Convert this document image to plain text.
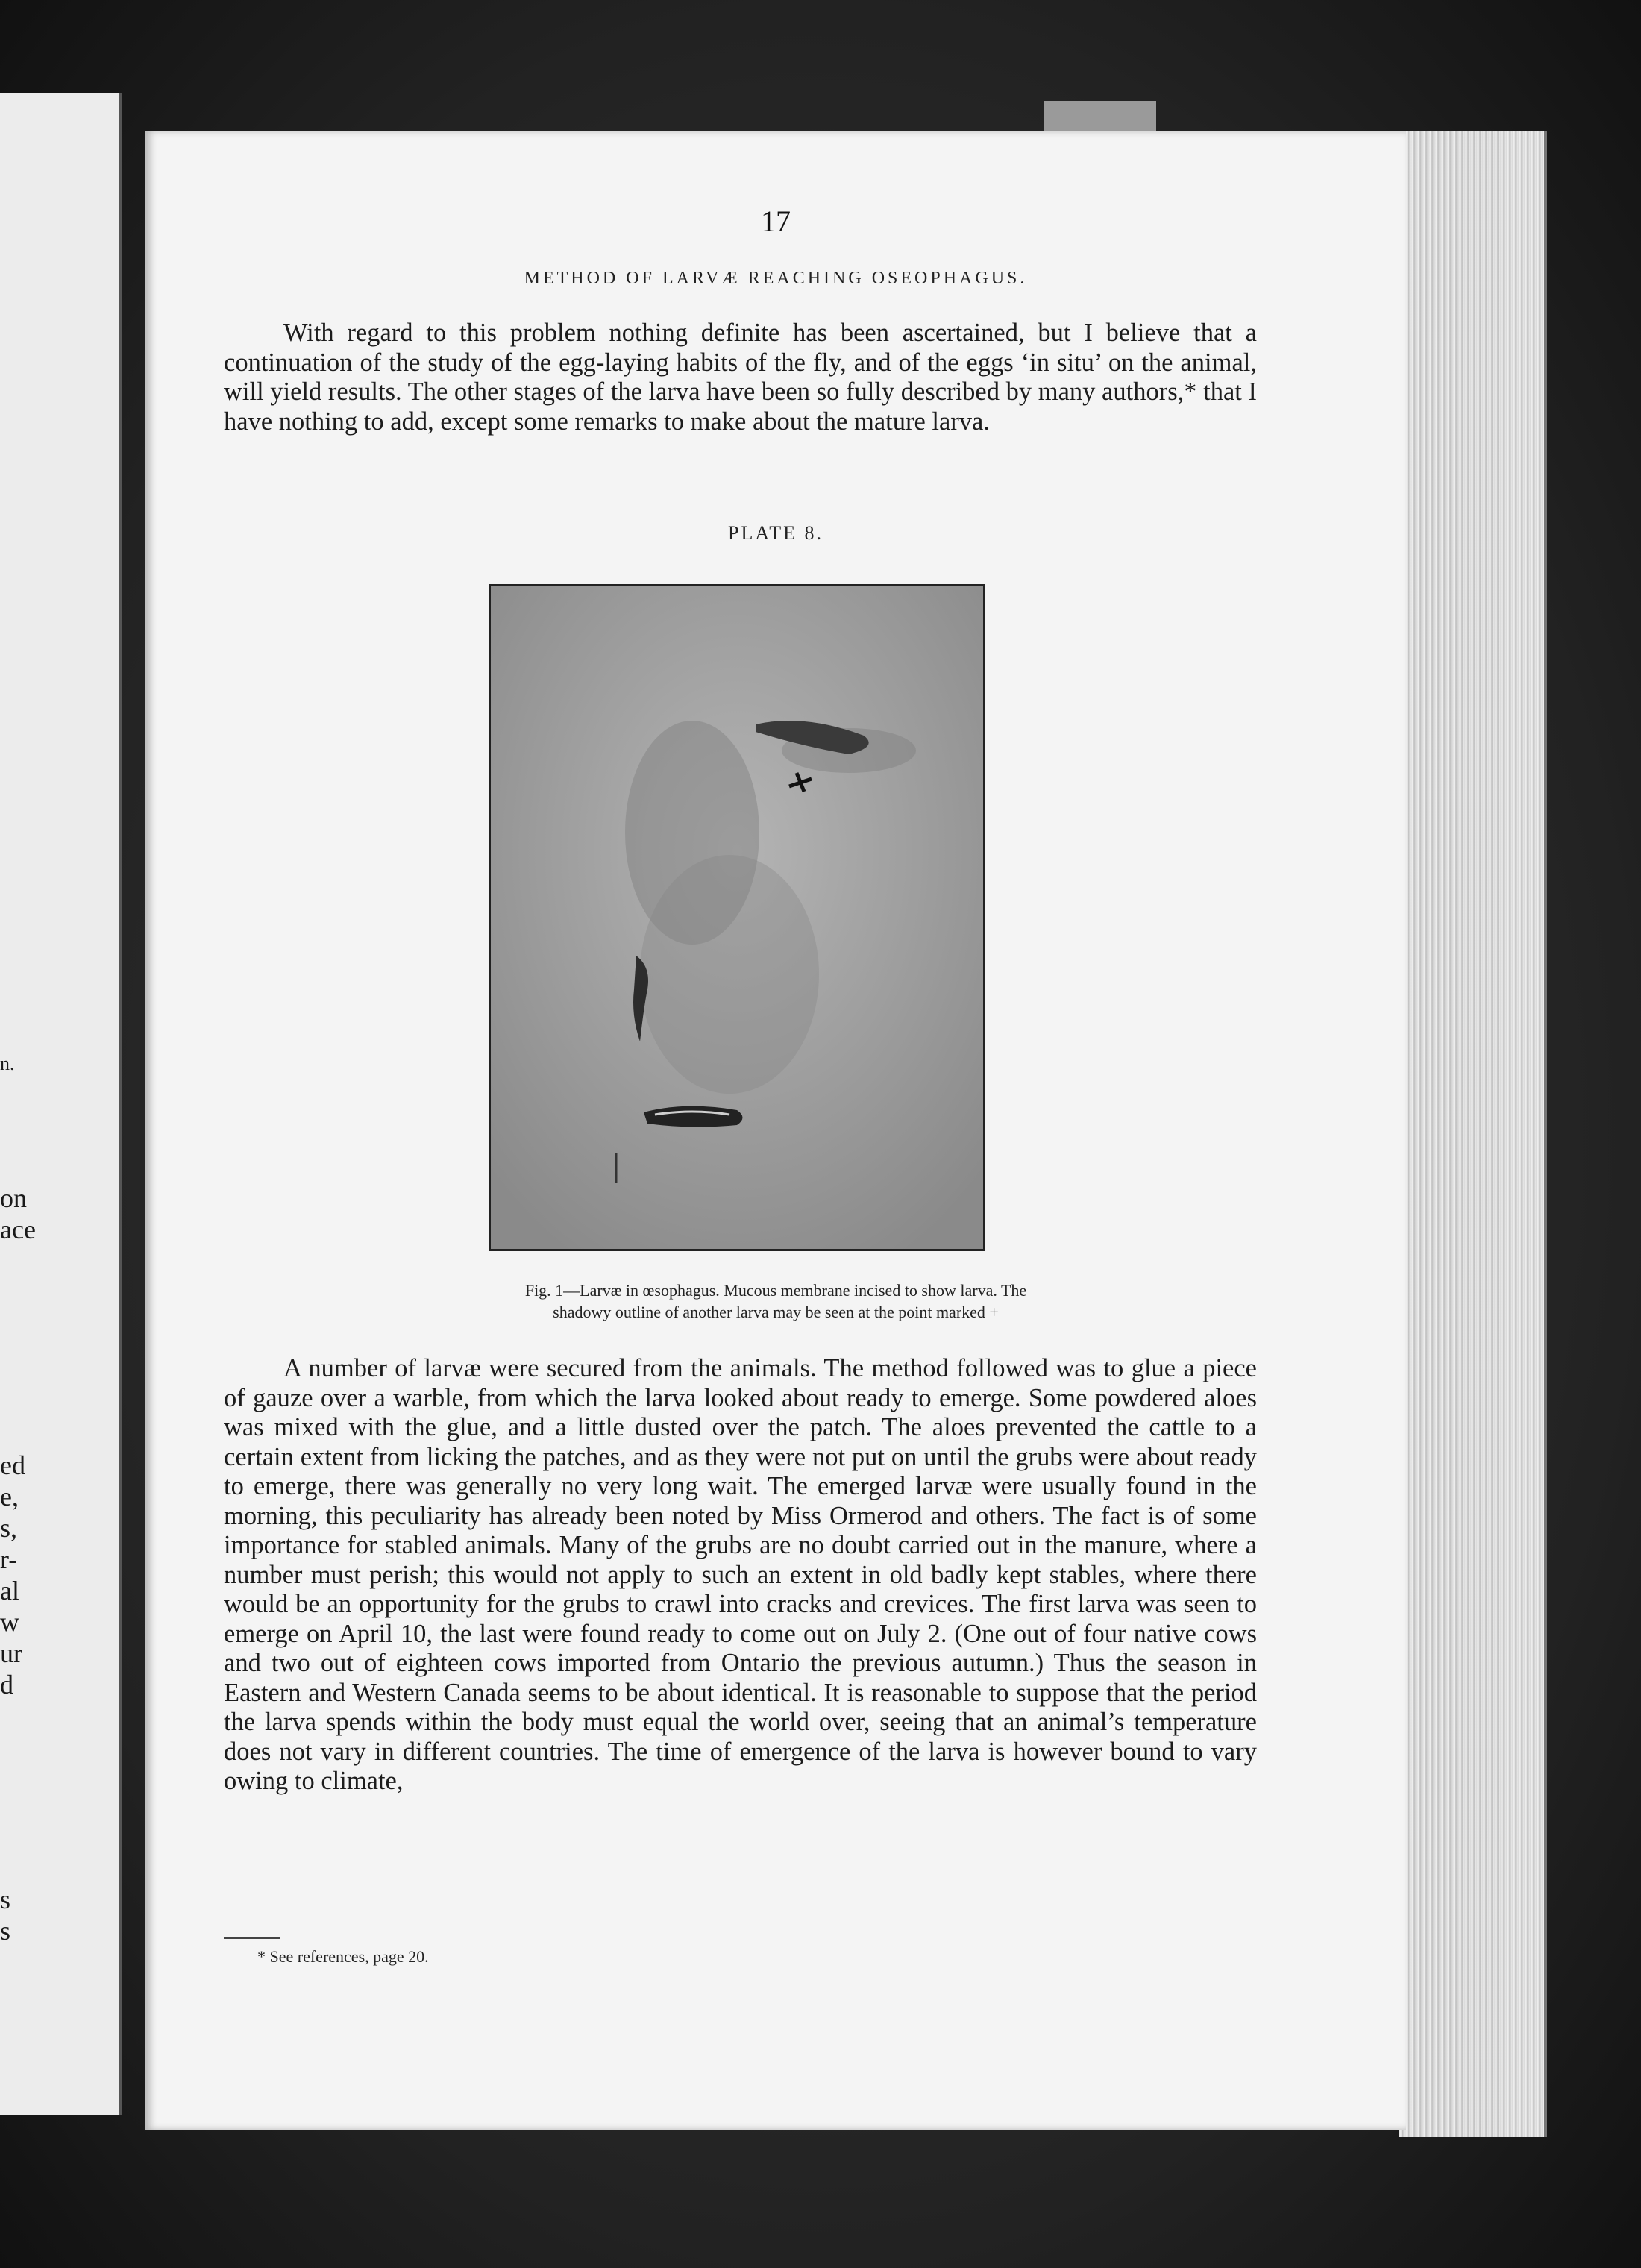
n.
on
ace
ed
e,
s,
r-
al
w
ur
d
s
s
17
METHOD OF LARVÆ REACHING OSEOPHAGUS.
With regard to this problem nothing definite has been ascertained, but I believe that a continuation of the study of the egg-laying habits of the fly, and of the eggs ‘in situ’ on the animal, will yield results. The other stages of the larva have been so fully described by many authors,* that I have nothing to add, except some remarks to make about the mature larva.
PLATE 8.
Fig. 1—Larvæ in œsophagus. Mucous membrane incised to show larva. The
shadowy outline of another larva may be seen at the point marked +
A number of larvæ were secured from the animals. The method followed was to glue a piece of gauze over a warble, from which the larva looked about ready to emerge. Some powdered aloes was mixed with the glue, and a little dusted over the patch. The aloes prevented the cattle to a certain extent from licking the patches, and as they were not put on until the grubs were about ready to emerge, there was generally no very long wait. The emerged larvæ were usually found in the morning, this peculiarity has already been noted by Miss Ormerod and others. The fact is of some importance for stabled animals. Many of the grubs are no doubt carried out in the manure, where a number must perish; this would not apply to such an extent in old badly kept stables, where there would be an opportunity for the grubs to crawl into cracks and crevices. The first larva was seen to emerge on April 10, the last were found ready to come out on July 2. (One out of four native cows and two out of eighteen cows imported from Ontario the previous autumn.) Thus the season in Eastern and Western Canada seems to be about identical. It is reasonable to suppose that the period the larva spends within the body must equal the world over, seeing that an animal’s temperature does not vary in different countries. The time of emergence of the larva is however bound to vary owing to climate,
* See references, page 20.
